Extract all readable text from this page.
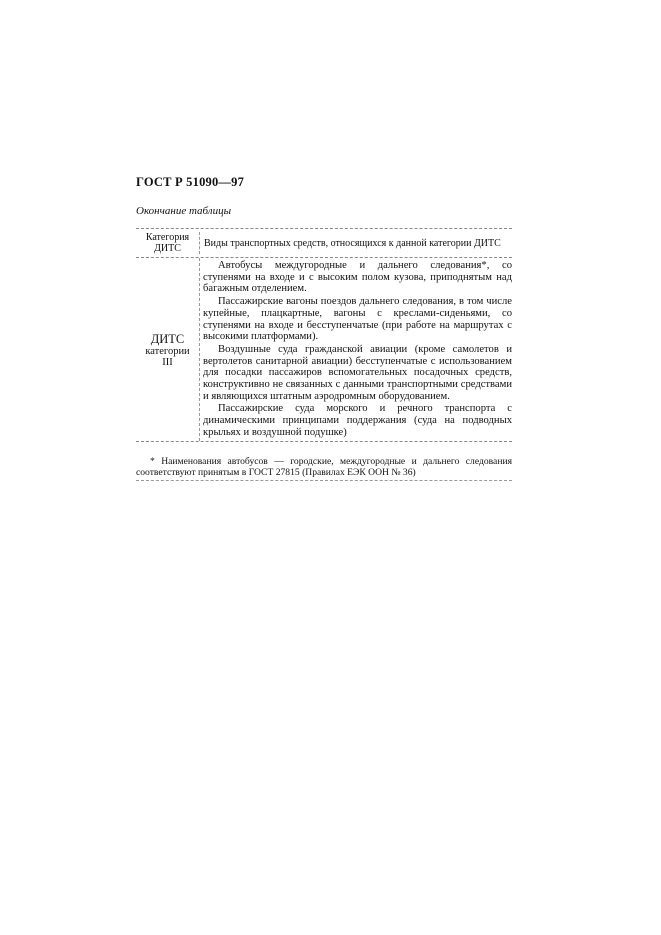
ГОСТ Р 51090—97
Окончание таблицы
Категория
ДИТС	Виды транспортных средств, относящихся к данной категории ДИТС
ДИТС
категории
III

Автобусы междугородные и дальнего следования*, со ступенями на входе и с высоким полом кузова, приподнятым над багажным отделением.

Пассажирские вагоны поездов дальнего следования, в том числе купейные, плацкартные, вагоны с креслами-сиденьями, со ступенями на входе и бесступенчатые (при работе на маршрутах с высокими платформами).

Воздушные суда гражданской авиации (кроме самолетов и вертолетов санитарной авиации) бесступенчатые с использованием для посадки пассажиров вспомогательных посадочных средств, конструктивно не связанных с данными транспортными средствами и являющихся штатным аэродромным оборудованием.

Пассажирские суда морского и речного транспорта с динамическими принципами поддержания (суда на подводных крыльях и воздушной подушке)

* Наименования автобусов — городские, междугородные и дальнего следования соответствуют принятым в ГОСТ 27815 (Правилах ЕЭК ООН № 36)
